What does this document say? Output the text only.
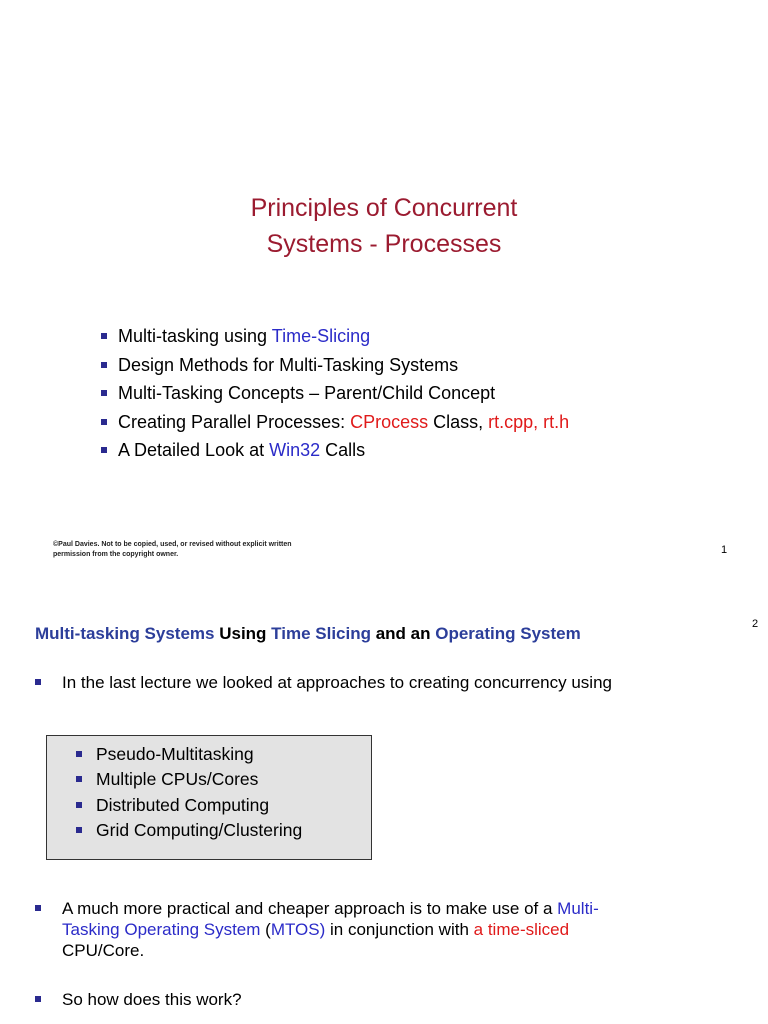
Principles of Concurrent
Systems - Processes
Multi-tasking using Time-Slicing
Design Methods for Multi-Tasking Systems
Multi-Tasking Concepts – Parent/Child Concept
Creating Parallel Processes: CProcess Class, rt.cpp, rt.h
A Detailed Look at Win32 Calls
©Paul Davies. Not to be copied, used, or revised without explicit written
permission from the copyright owner.	1
2
Multi-tasking Systems Using Time Slicing and an Operating System
In the last lecture we looked at approaches to creating concurrency using
Pseudo-Multitasking
Multiple CPUs/Cores
Distributed Computing
Grid Computing/Clustering
A much more practical and cheaper approach is to make use of a Multi-
Tasking Operating System (MTOS) in conjunction with a time-sliced
CPU/Core.
So how does this work?
